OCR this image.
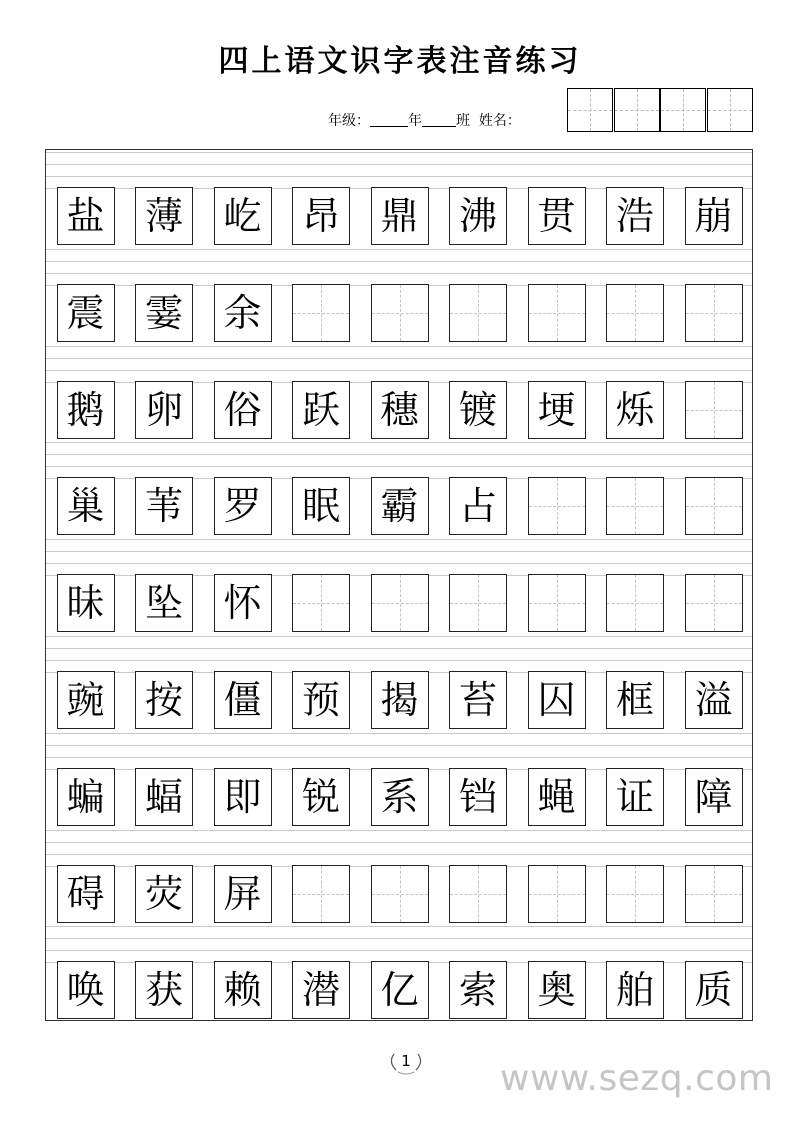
四上语文识字表注音练习
年级：	年 班 姓名：
盐 薄 屹 昂 鼎 沸 贯 浩 崩
震 霎 余
鹅 卵 俗 跃 穗 镀 埂 烁
巢 苇 罗 眠 霸 占
昧 坠 怀
豌 按 僵 预 揭 苔 囚 框 溢
蝙 蝠 即 锐 系 铛 蝇 证 障
碍 荧 屏
唤 获 赖 潜 亿 索 奥 舶 质
1	www.sezq.com
